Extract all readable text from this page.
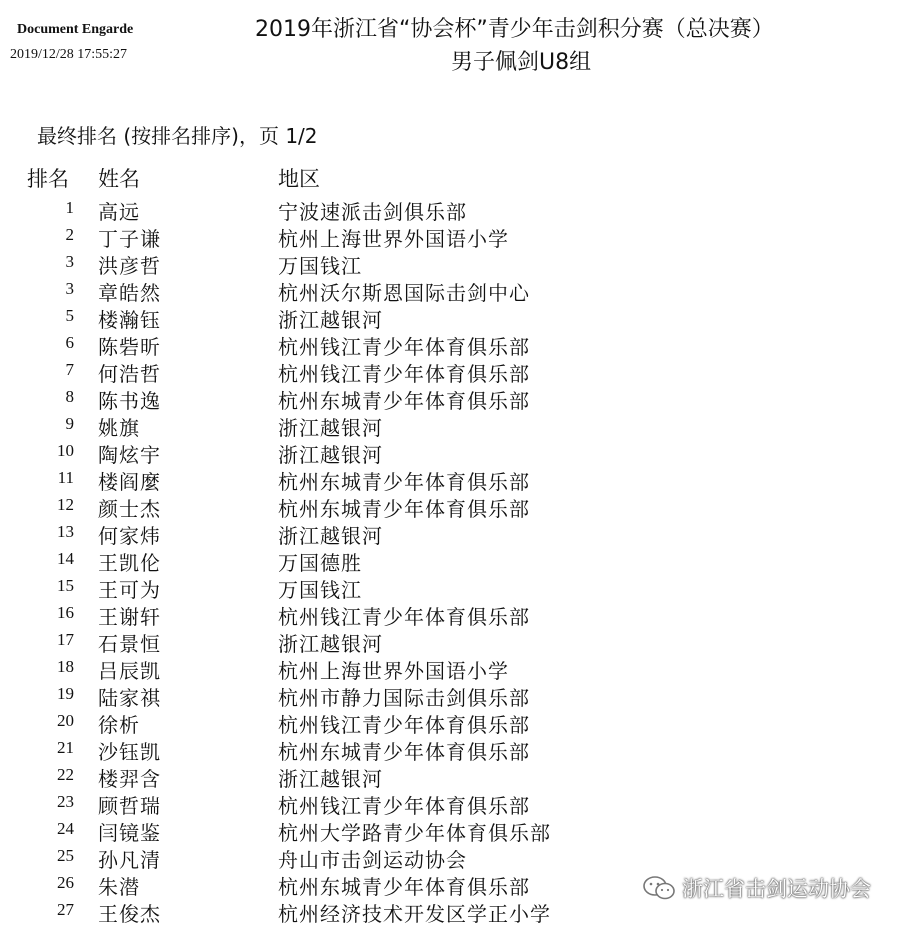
Document Engarde
2019/12/28 17:55:27
2019年浙江省“协会杯”青少年击剑积分赛（总决赛）
男子佩剑U8组
最终排名 (按排名排序)，页 1/2
排名 姓名	地区
1 高远	宁波速派击剑俱乐部
2 丁子谦	杭州上海世界外国语小学
3 洪彦哲	万国钱江
3 章皓然	杭州沃尔斯恩国际击剑中心
5 楼瀚钰	浙江越银河
6 陈砦昕	杭州钱江青少年体育俱乐部
7 何浩哲	杭州钱江青少年体育俱乐部
8 陈书逸	杭州东城青少年体育俱乐部
9 姚旗	浙江越银河
10 陶炫宇	浙江越银河
11 楼阎麼	杭州东城青少年体育俱乐部
12 颜士杰	杭州东城青少年体育俱乐部
13 何家炜	浙江越银河
14 王凯伦	万国德胜
15 王可为	万国钱江
16 王谢轩	杭州钱江青少年体育俱乐部
17 石景恒	浙江越银河
18 吕辰凯	杭州上海世界外国语小学
19 陆家祺	杭州市静力国际击剑俱乐部
20 徐析	杭州钱江青少年体育俱乐部
21 沙钰凯	杭州东城青少年体育俱乐部
22 楼羿含	浙江越银河
23 顾哲瑞	杭州钱江青少年体育俱乐部
24 闫镜鉴	杭州大学路青少年体育俱乐部
25 孙凡清	舟山市击剑运动协会
26 朱潜	杭州东城青少年体育俱乐部
27 王俊杰	杭州经济技术开发区学正小学
浙江省击剑运动协会
